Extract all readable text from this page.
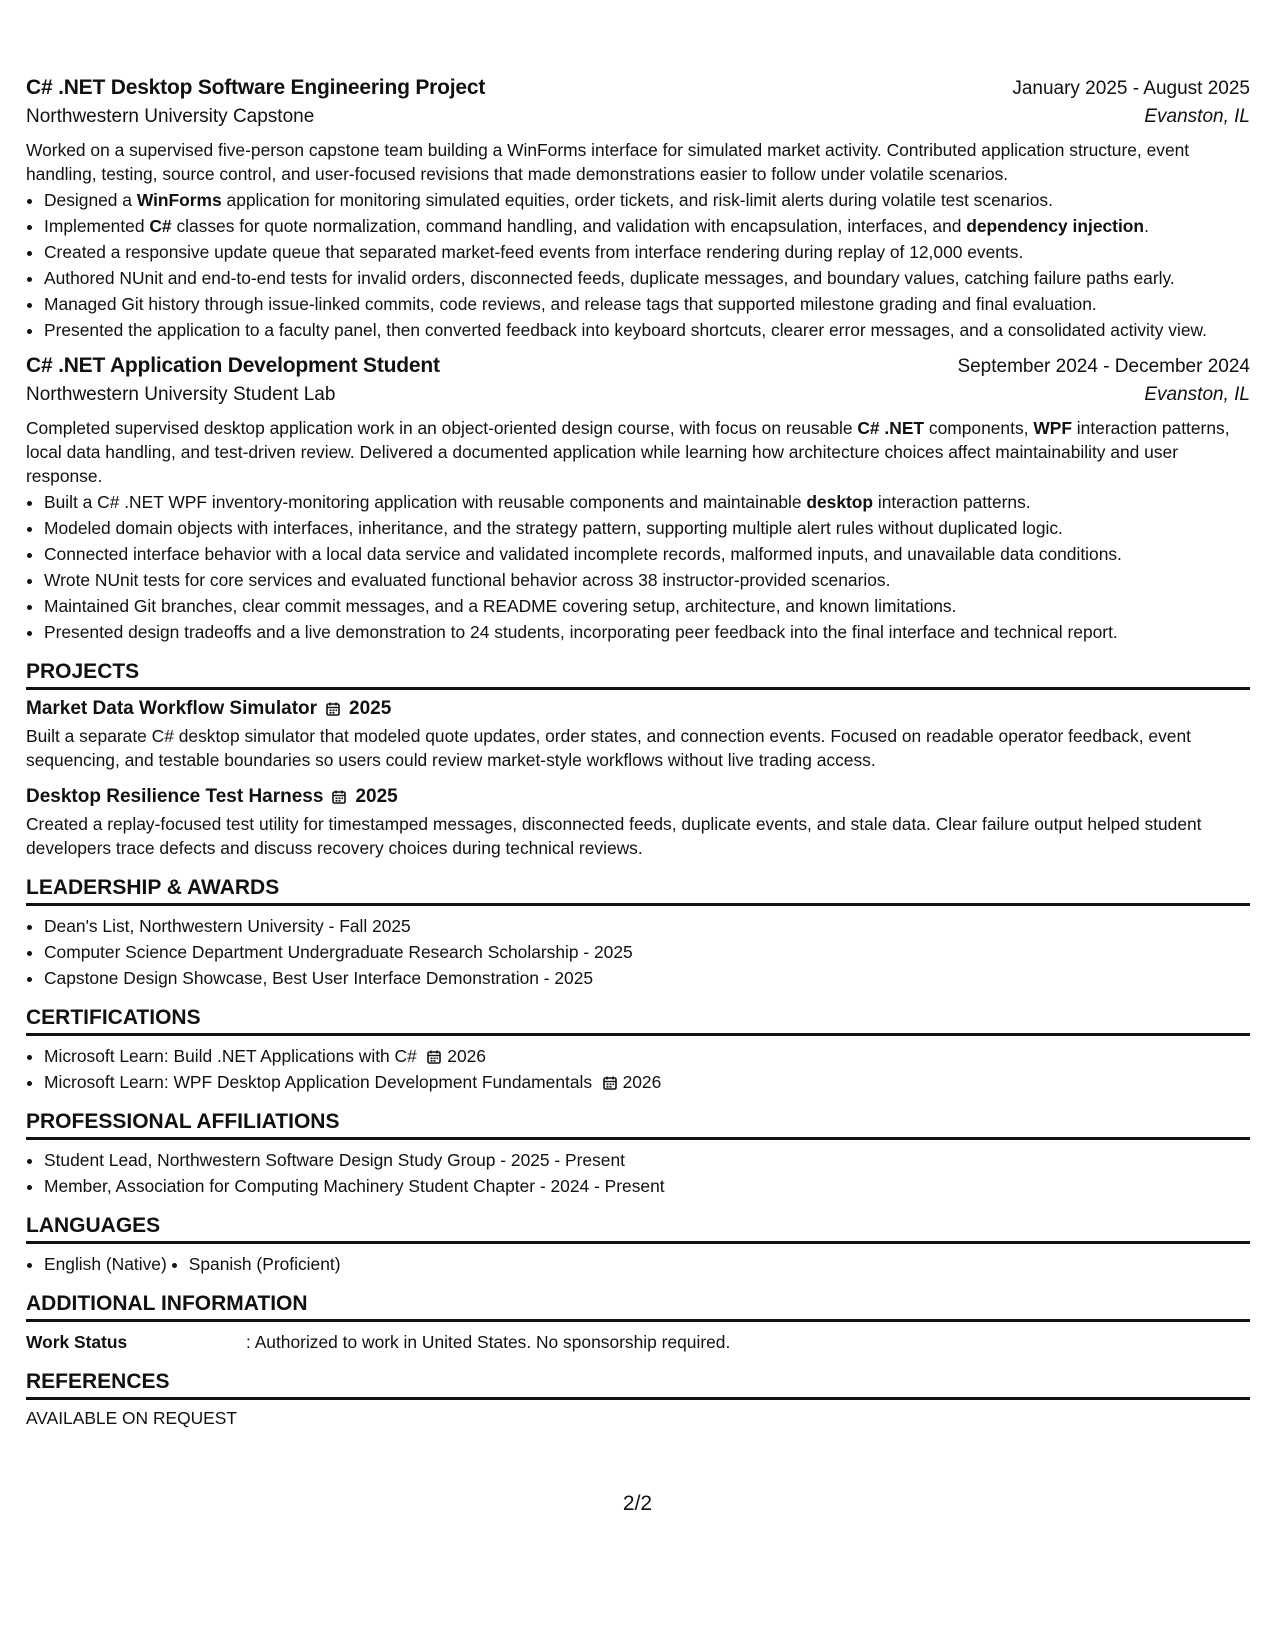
C# .NET Desktop Software Engineering Project	January 2025 - August 2025
Northwestern University Capstone	Evanston, IL
Worked on a supervised five-person capstone team building a WinForms interface for simulated market activity. Contributed application structure, event handling, testing, source control, and user-focused revisions that made demonstrations easier to follow under volatile scenarios.
• Designed a WinForms application for monitoring simulated equities, order tickets, and risk-limit alerts during volatile test scenarios.
• Implemented C# classes for quote normalization, command handling, and validation with encapsulation, interfaces, and dependency injection.
• Created a responsive update queue that separated market-feed events from interface rendering during replay of 12,000 events.
• Authored NUnit and end-to-end tests for invalid orders, disconnected feeds, duplicate messages, and boundary values, catching failure paths early.
• Managed Git history through issue-linked commits, code reviews, and release tags that supported milestone grading and final evaluation.
• Presented the application to a faculty panel, then converted feedback into keyboard shortcuts, clearer error messages, and a consolidated activity view.
C# .NET Application Development Student	September 2024 - December 2024
Northwestern University Student Lab	Evanston, IL
Completed supervised desktop application work in an object-oriented design course, with focus on reusable C# .NET components, WPF interaction patterns, local data handling, and test-driven review. Delivered a documented application while learning how architecture choices affect maintainability and user response.
• Built a C# .NET WPF inventory-monitoring application with reusable components and maintainable desktop interaction patterns.
• Modeled domain objects with interfaces, inheritance, and the strategy pattern, supporting multiple alert rules without duplicated logic.
• Connected interface behavior with a local data service and validated incomplete records, malformed inputs, and unavailable data conditions.
• Wrote NUnit tests for core services and evaluated functional behavior across 38 instructor-provided scenarios.
• Maintained Git branches, clear commit messages, and a README covering setup, architecture, and known limitations.
• Presented design tradeoffs and a live demonstration to 24 students, incorporating peer feedback into the final interface and technical report.
PROJECTS
Market Data Workflow Simulator 2025
Built a separate C# desktop simulator that modeled quote updates, order states, and connection events. Focused on readable operator feedback, event sequencing, and testable boundaries so users could review market-style workflows without live trading access.
Desktop Resilience Test Harness 2025
Created a replay-focused test utility for timestamped messages, disconnected feeds, duplicate events, and stale data. Clear failure output helped student developers trace defects and discuss recovery choices during technical reviews.
LEADERSHIP & AWARDS
• Dean's List, Northwestern University - Fall 2025
• Computer Science Department Undergraduate Research Scholarship - 2025
• Capstone Design Showcase, Best User Interface Demonstration - 2025
CERTIFICATIONS
• Microsoft Learn: Build .NET Applications with C# 2026
• Microsoft Learn: WPF Desktop Application Development Fundamentals 2026
PROFESSIONAL AFFILIATIONS
• Student Lead, Northwestern Software Design Study Group - 2025 - Present
• Member, Association for Computing Machinery Student Chapter - 2024 - Present
LANGUAGES
• English (Native)
• Spanish (Proficient)
ADDITIONAL INFORMATION
Work Status	: Authorized to work in United States. No sponsorship required.
REFERENCES
AVAILABLE ON REQUEST
2/2
